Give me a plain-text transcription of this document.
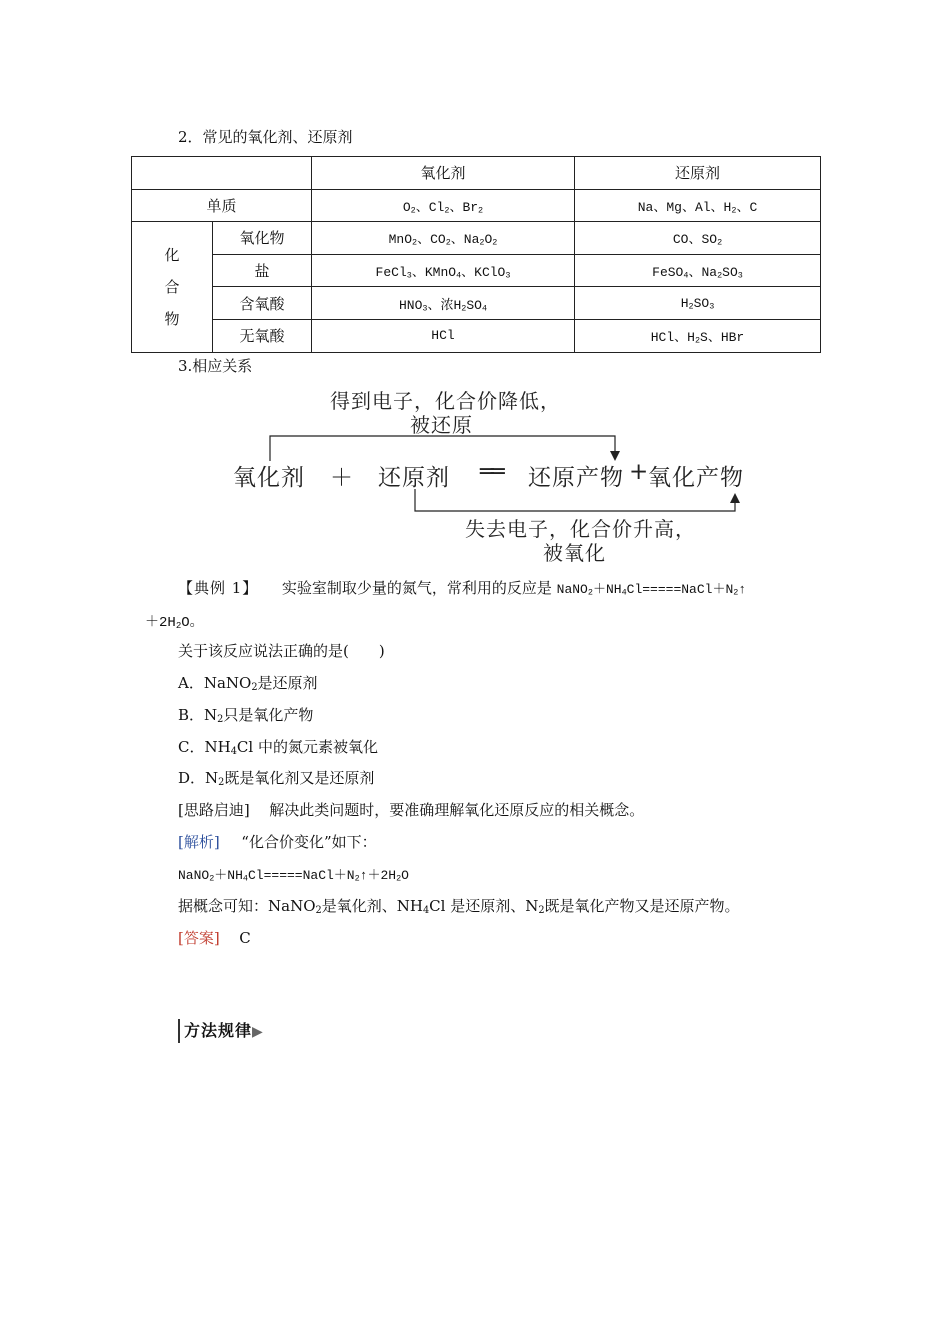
2．常见的氧化剂、还原剂
		氧化剂	还原剂
单质		$O_2$、$Cl_2$、$Br_2$	Na、Mg、Al、$H_2$、C

化
合
物	氧化物	MnO$_2$、$CO_2$、$Na_2O_2$	CO、$SO_2$
	盐	FeCl$_3$、KMnO$_4$、KClO$_3$	FeSO$_4$、$Na_2SO_3$
	含氧酸	$HNO_3$、浓$H_2SO_4$	$H_2SO_3$
	无氧酸	HCl	HCl、$H_2S$、HBr
3.相应关系
得到电子，化合价降低，
被还原
氧化剂 ＋ 还原剂 ══ 还原产物 +
氧化产物
失去电子，化合价升高，
被氧化
【典例 1】 实验室制取少量的氮气，常利用的反应是 $NaNO_2+NH_4Cl=====NaCl+N_2↑$
$+2H_2O$。
关于该反应说法正确的是(　　)
A．NaNO$_2$是还原剂
B．$N_2$只是氧化产物
C．$NH_4Cl$ 中的氮元素被氧化
D．$N_2$既是氧化剂又是还原剂
[思路启迪] 解决此类问题时，要准确理解氧化还原反应的相关概念。
[解析] “化合价变化”如下：
$NaNO_2+NH_4Cl=====NaCl+N_2↑+2H_2O$
据概念可知：NaNO$_2$是氧化剂、$NH_4Cl$ 是还原剂、$N_2$既是氧化产物又是还原产物。
[答案] C
方法规律▶
